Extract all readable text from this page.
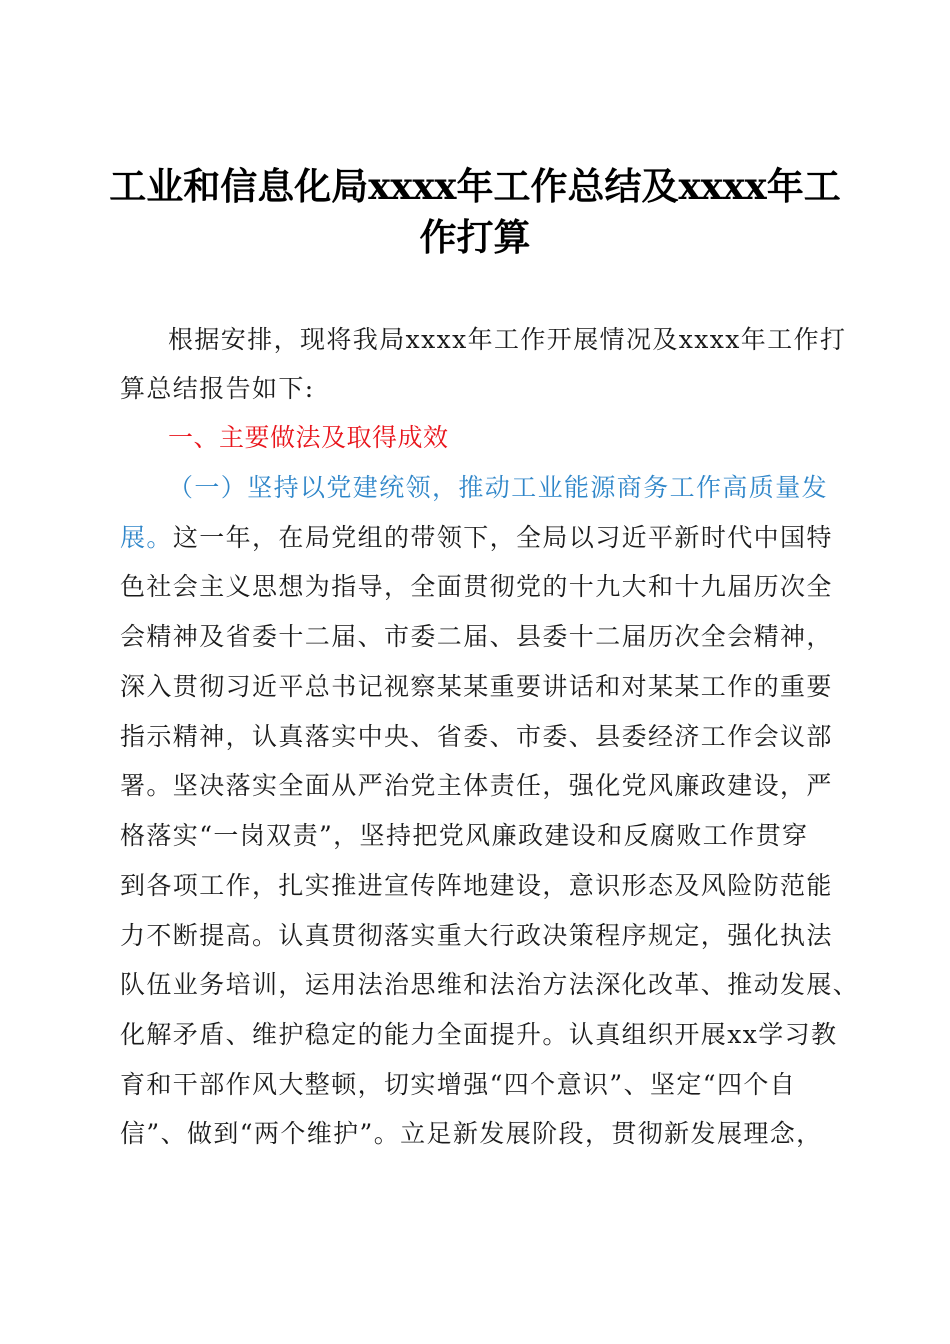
工业和信息化局xxxx年工作总结及xxxx年工
作打算
根据安排，现将我局xxxx年工作开展情况及xxxx年工作打
算总结报告如下:
一、主要做法及取得成效
（一）坚持以党建统领，推动工业能源商务工作高质量发
展。这一年，在局党组的带领下，全局以习近平新时代中国特
色社会主义思想为指导，全面贯彻党的十九大和十九届历次全
会精神及省委十二届、市委二届、县委十二届历次全会精神，
深入贯彻习近平总书记视察某某重要讲话和对某某工作的重要
指示精神，认真落实中央、省委、市委、县委经济工作会议部
署。坚决落实全面从严治党主体责任，强化党风廉政建设，严
格落实“一岗双责”，坚持把党风廉政建设和反腐败工作贯穿
到各项工作，扎实推进宣传阵地建设，意识形态及风险防范能
力不断提高。认真贯彻落实重大行政决策程序规定，强化执法
队伍业务培训，运用法治思维和法治方法深化改革、推动发展、
化解矛盾、维护稳定的能力全面提升。认真组织开展xx学习教
育和干部作风大整顿，切实增强“四个意识”、坚定“四个自
信”、做到“两个维护”。立足新发展阶段，贯彻新发展理念，
